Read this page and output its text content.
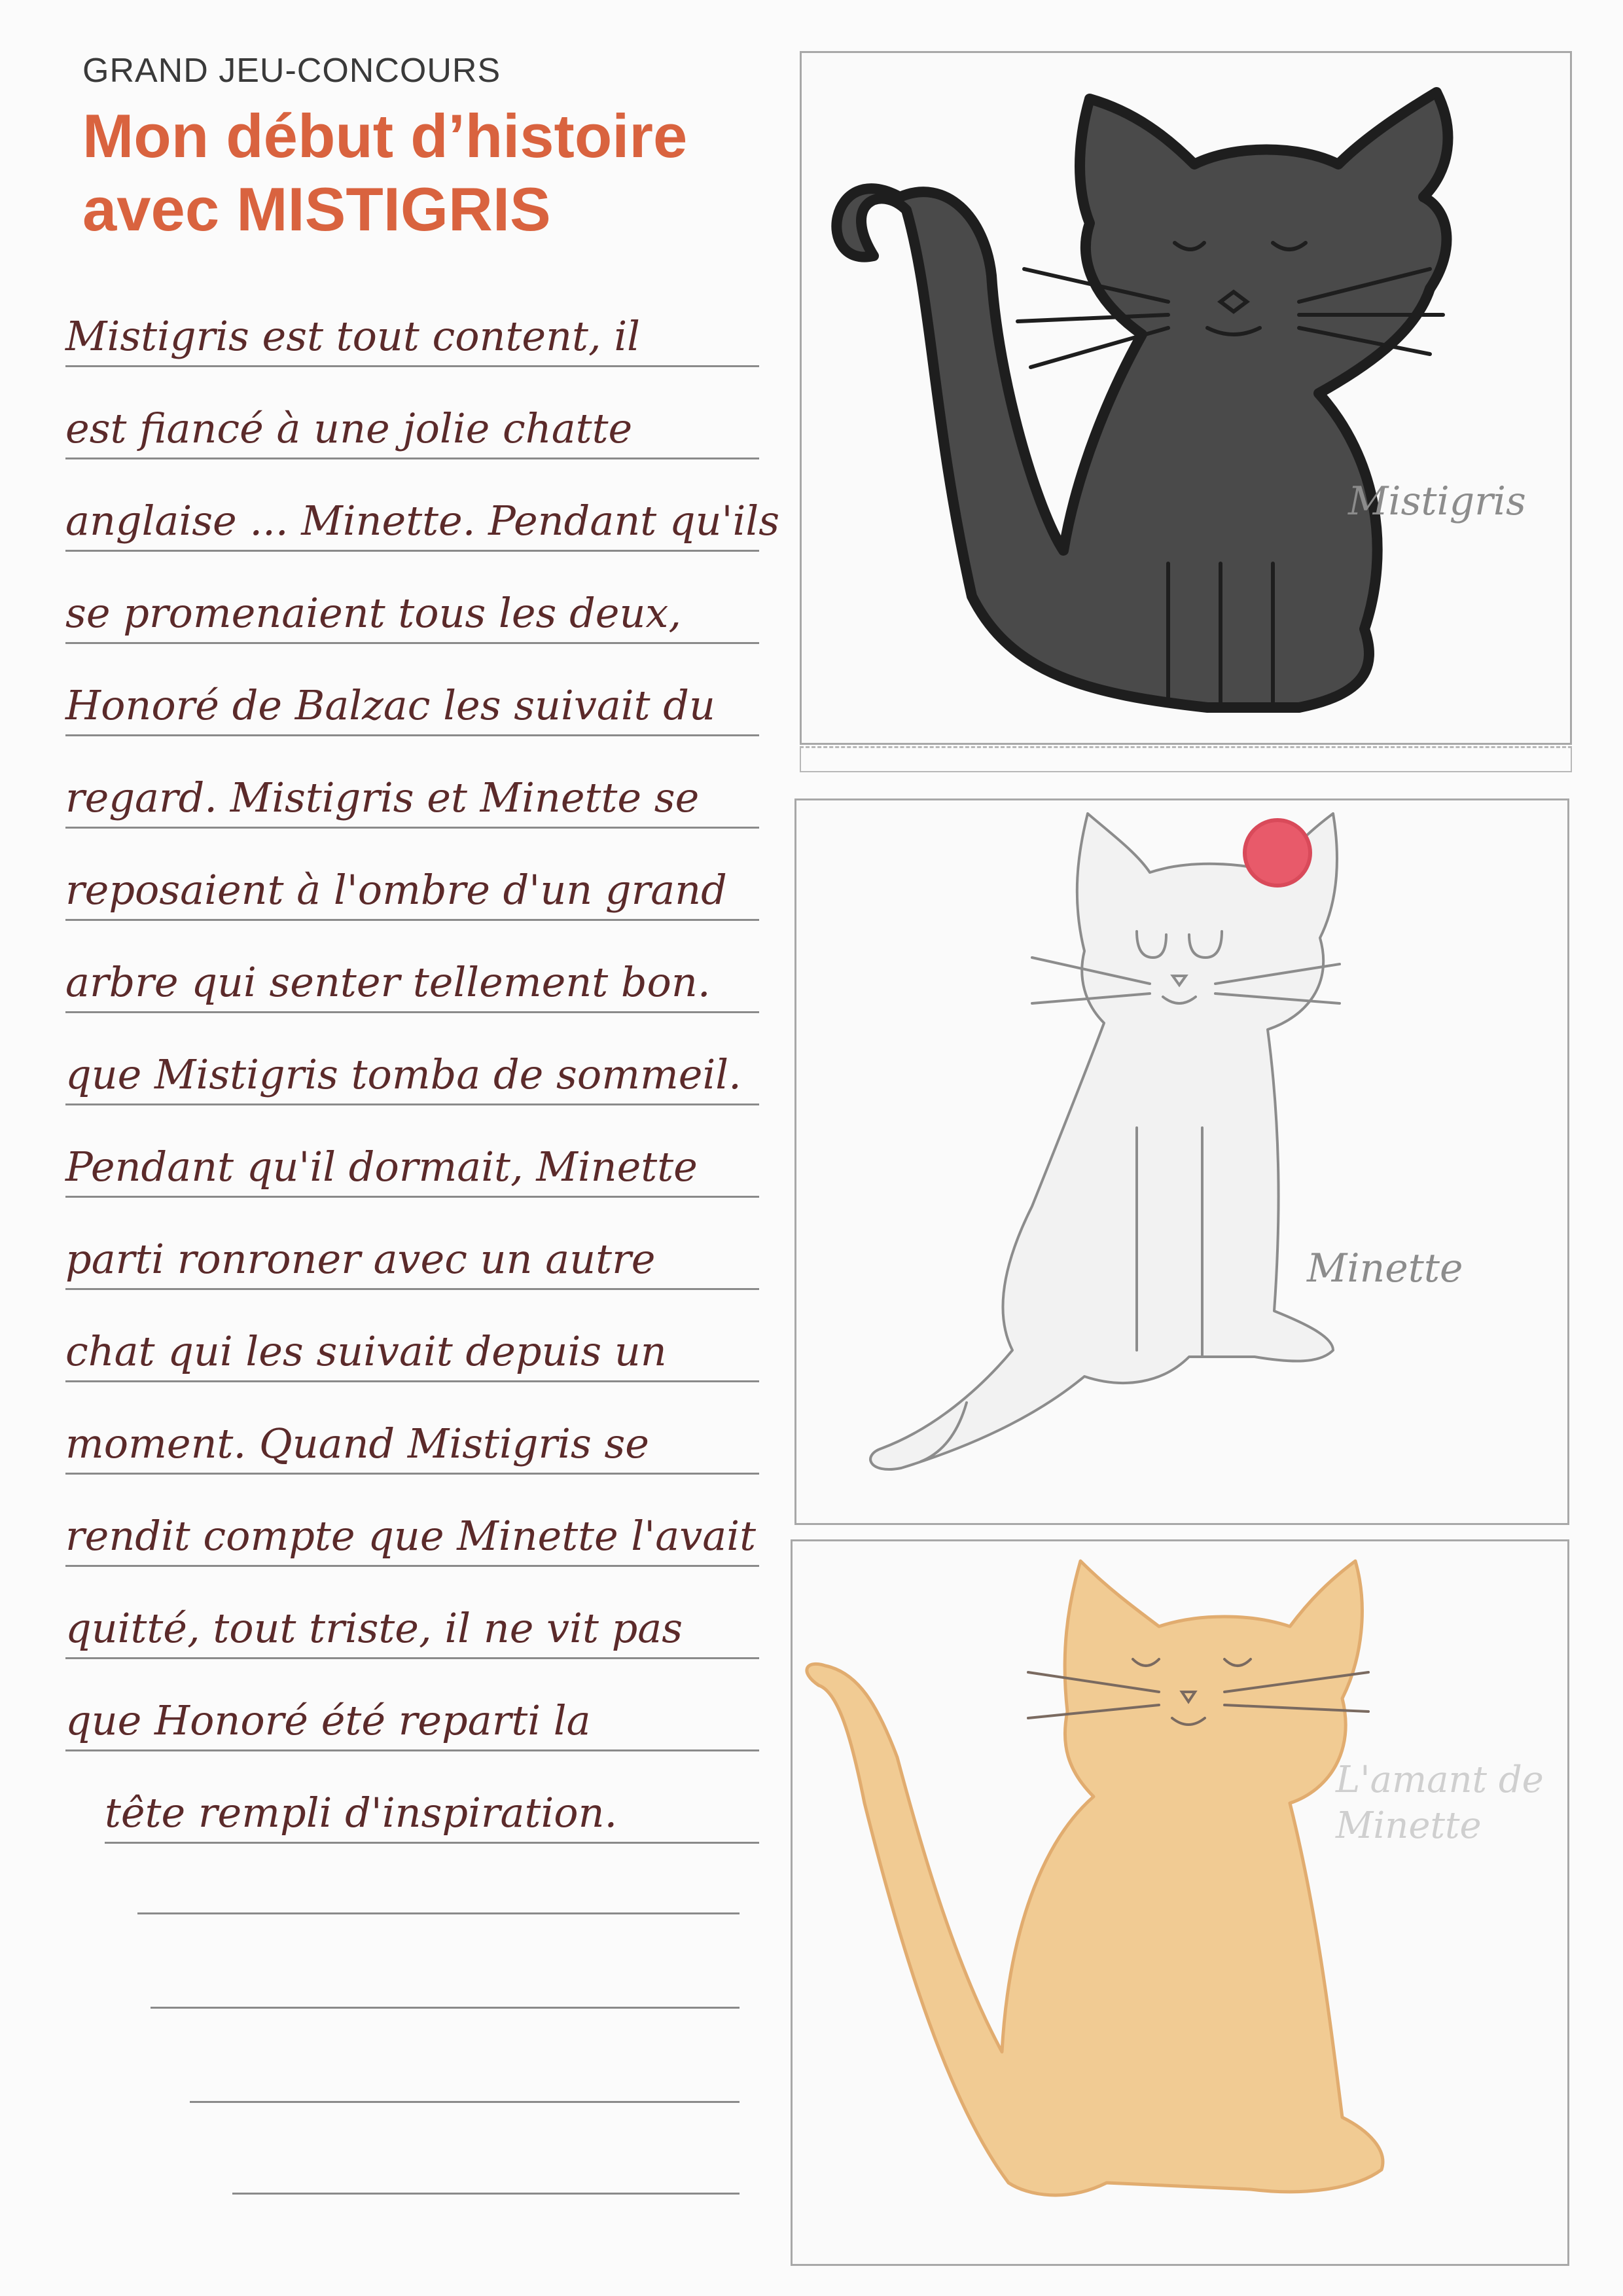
GRAND JEU-CONCOURS

Mon début d’histoire

avec MISTIGRIS

Mistigris est tout content, il
est fiancé à une jolie chatte
anglaise ... Minette. Pendant qu'ils
se promenaient tous les deux,
Honoré de Balzac les suivait du
regard. Mistigris et Minette se
reposaient à l'ombre d'un grand
arbre qui senter tellement bon.
que Mistigris tomba de sommeil.
Pendant qu'il dormait, Minette
parti ronroner avec un autre
chat qui les suivait depuis un
moment. Quand Mistigris se
rendit compte que Minette l'avait
quitté, tout triste, il ne vit pas
que Honoré été reparti la
tête rempli d'inspiration.
Mistigris
Minette
L'amant de Minette
